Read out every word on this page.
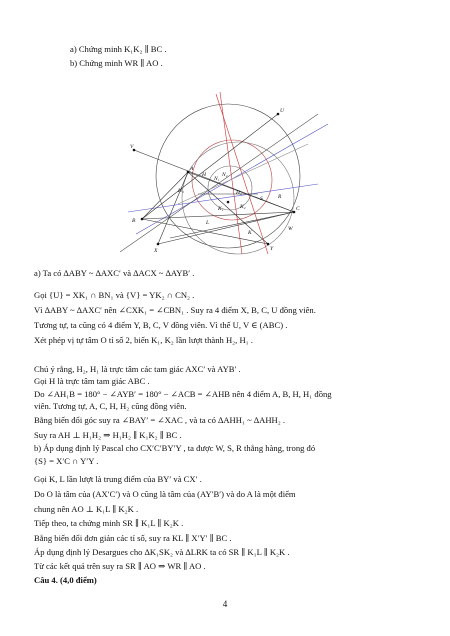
a) Chứng minh K₁K₂ ∥ BC .
b) Chứng minh WR ∥ AO .
U
V
A
B
C
X	Y
H₁	H₂
H
K₁	K₂
N₁
N₂
S	R
W
L
K
a) Ta có ∆ABY ~ ∆AXC′ và ∆ACX ~ ∆AYB′ .
Gọi {U} = XK₁ ∩ BN₁ và {V} = YK₂ ∩ CN₂ .
Vì ∆ABY ~ ∆AXC′ nên ∠CXK₁ = ∠CBN₁ . Suy ra 4 điểm X, B, C, U đồng viên.
Tương tự, ta cũng có 4 điểm Y, B, C, V đồng viên. Vì thế U, V ∈ (ABC) .
Xét phép vị tự tâm O tỉ số 2, biến K₁, K₂ lần lượt thành H₂, H₁ .
Chú ý rằng, H₂, H₁ là trực tâm các tam giác AXC′ và AYB′ .
Gọi H là trực tâm tam giác ABC .
Do ∠AH₁B = 180° − ∠AYB′ = 180° − ∠ACB = ∠AHB nên 4 điểm A, B, H, H₁ đồng
viên. Tương tự, A, C, H, H₂ cũng đồng viên.
Bằng biến đổi góc suy ra ∠BAY′ = ∠XAC , và ta có ∆AHH₁ ~ ∆AHH₂ .
Suy ra AH ⊥ H₁H₂ ⇒ H₁H₂ ∥ K₁K₂ ∥ BC .
b) Áp dụng định lý Pascal cho CX′C′BY′Y , ta được W, S, R thẳng hàng, trong đó
{S} = X′C ∩ Y′Y .
Gọi K, L lần lượt là trung điểm của BY′ và CX′ .
Do O là tâm của (AX′C′) và O cũng là tâm của (AY′B′) và do A là một điểm
chung nên AO ⊥ K₁L ∥ K₂K .
Tiếp theo, ta chứng minh SR ∥ K₁L ∥ K₂K .
Bằng biến đổi đơn giản các tỉ số, suy ra KL ∥ X′Y′ ∥ BC .
Áp dụng định lý Desargues cho ∆K₁SK₂ và ∆LRK ta có SR ∥ K₁L ∥ K₂K .
Từ các kết quả trên suy ra SR ∥ AO ⇒ WR ∥ AO .
Câu 4. (4,0 điểm)
4
